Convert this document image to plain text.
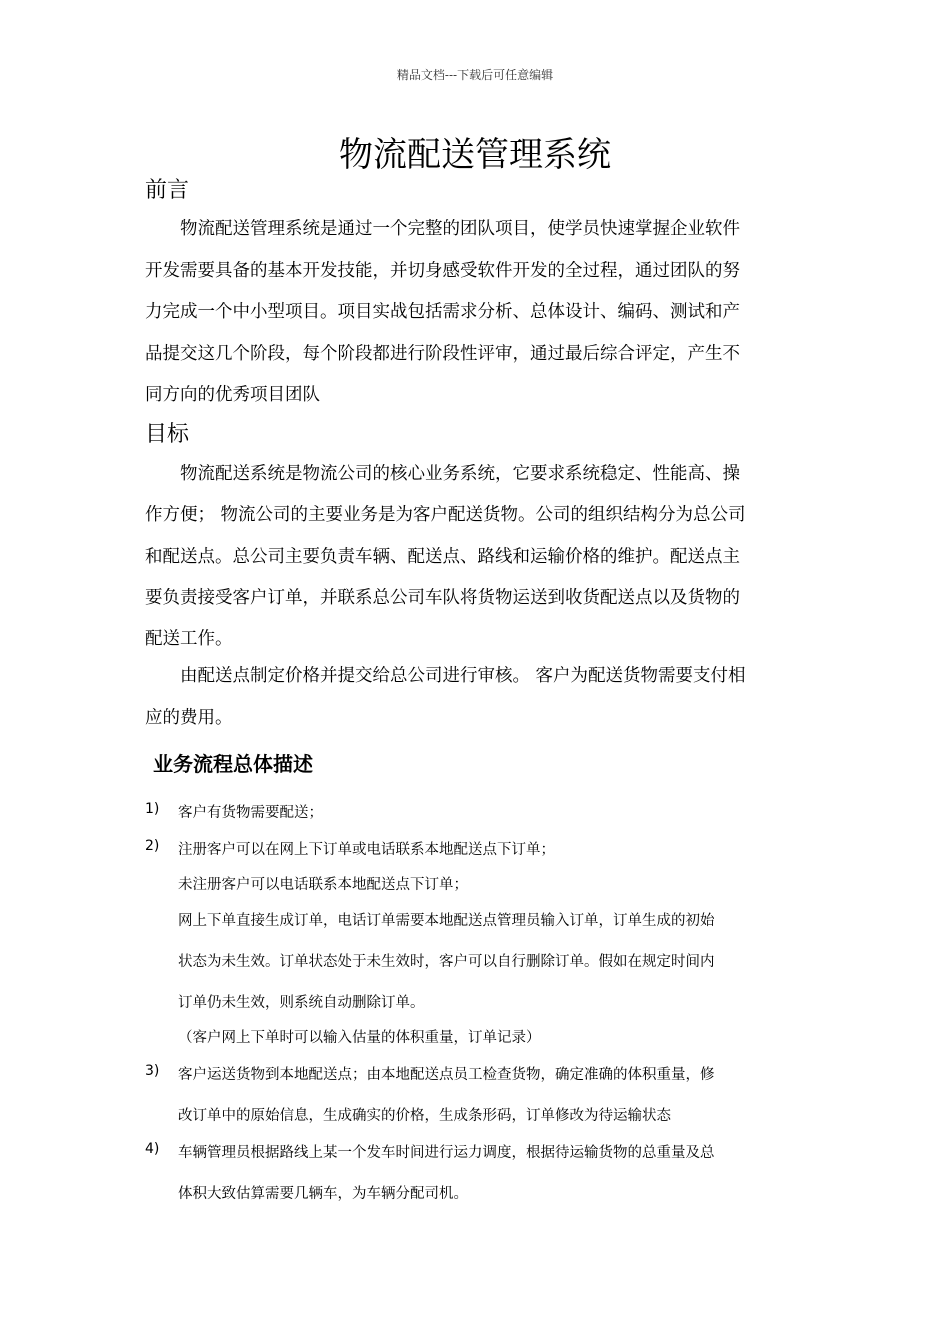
精品文档---下载后可任意编辑
物流配送管理系统
前言
　　物流配送管理系统是通过一个完整的团队项目，使学员快速掌握企业软件
开发需要具备的基本开发技能，并切身感受软件开发的全过程，通过团队的努
力完成一个中小型项目。项目实战包括需求分析、总体设计、编码、测试和产
品提交这几个阶段，每个阶段都进行阶段性评审，通过最后综合评定，产生不
同方向的优秀项目团队
目标
　　物流配送系统是物流公司的核心业务系统，它要求系统稳定、性能高、操
作方便； 物流公司的主要业务是为客户配送货物。公司的组织结构分为总公司
和配送点。总公司主要负责车辆、配送点、路线和运输价格的维护。配送点主
要负责接受客户订单，并联系总公司车队将货物运送到收货配送点以及货物的
配送工作。
　　由配送点制定价格并提交给总公司进行审核。 客户为配送货物需要支付相
应的费用。
业务流程总体描述
1) 客户有货物需要配送；
2) 注册客户可以在网上下订单或电话联系本地配送点下订单；
未注册客户可以电话联系本地配送点下订单；
网上下单直接生成订单，电话订单需要本地配送点管理员输入订单，订单生成的初始
状态为未生效。订单状态处于未生效时，客户可以自行删除订单。假如在规定时间内
订单仍未生效，则系统自动删除订单。
（客户网上下单时可以输入估量的体积重量，订单记录）
3) 客户运送货物到本地配送点；由本地配送点员工检查货物，确定准确的体积重量，修
改订单中的原始信息，生成确实的价格，生成条形码，订单修改为待运输状态
4) 车辆管理员根据路线上某一个发车时间进行运力调度，根据待运输货物的总重量及总
体积大致估算需要几辆车，为车辆分配司机。
